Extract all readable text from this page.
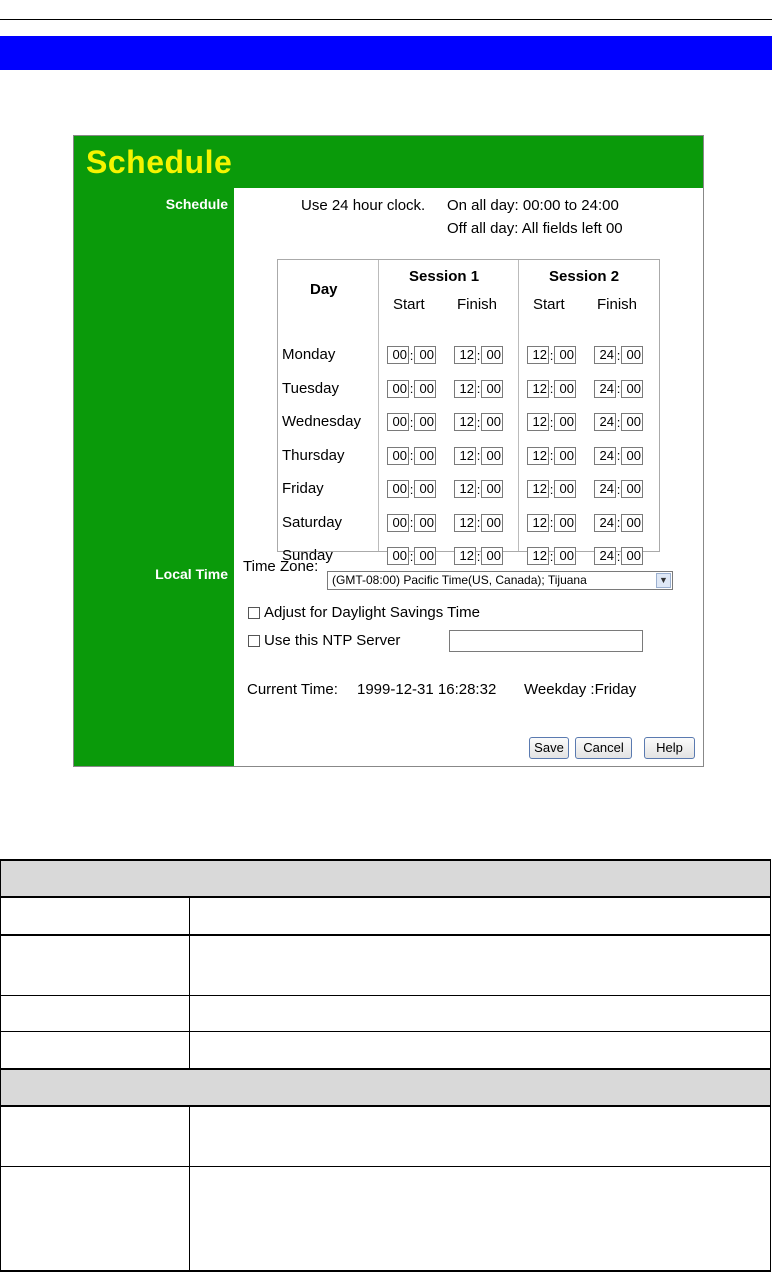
Schedule
Schedule
Local Time
Use 24 hour clock. On all day: 00:00 to 24:00
Off all day: All fields left 00
Day
Session 1	Session 2
Start Finish Start Finish
Monday	00 : 00	12 : 00	12 : 00	24 : 00
Tuesday	00 : 00	12 : 00	12 : 00	24 : 00
Wednesday	00 : 00	12 : 00	12 : 00	24 : 00
Thursday	00 : 00	12 : 00	12 : 00	24 : 00
Friday	00 : 00	12 : 00	12 : 00	24 : 00
Saturday	00 : 00	12 : 00	12 : 00	24 : 00
Sunday	00 : 00	12 : 00	12 : 00	24 : 00
Time Zone:
(GMT-08:00) Pacific Time(US, Canada); Tijuana	▼
Adjust for Daylight Savings Time
Use this NTP Server
Current Time: 1999-12-31 16:28:32 Weekday :Friday
Save	Cancel	Help
